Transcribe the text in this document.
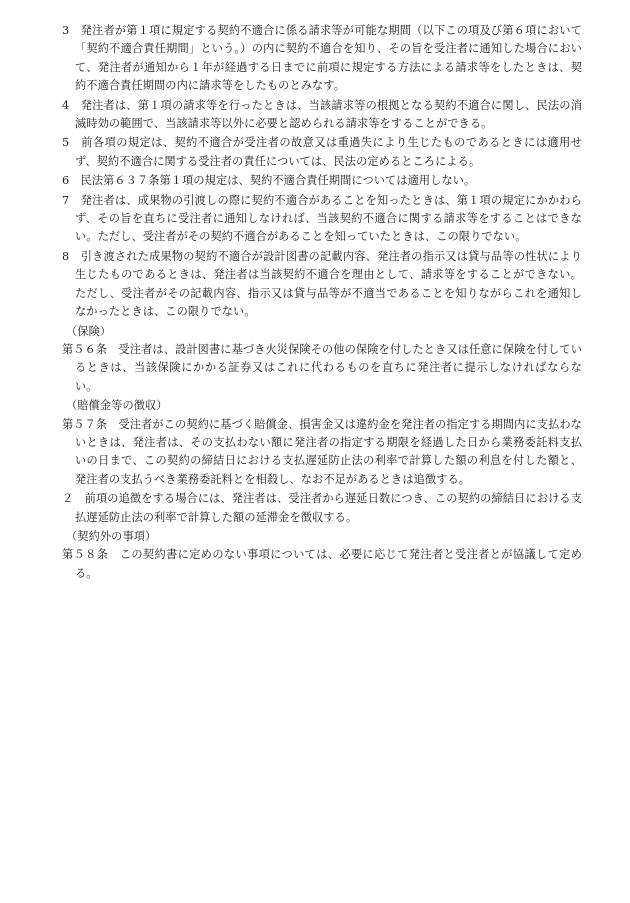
3　発注者が第１項に規定する契約不適合に係る請求等が可能な期間（以下この項及び第６項において「契約不適合責任期間」という。）の内に契約不適合を知り、その旨を受注者に通知した場合において、発注者が通知から１年が経過する日までに前項に規定する方法による請求等をしたときは、契約不適合責任期間の内に請求等をしたものとみなす。

4　発注者は、第１項の請求等を行ったときは、当該請求等の根拠となる契約不適合に関し、民法の消滅時効の範囲で、当該請求等以外に必要と認められる請求等をすることができる。

5　前各項の規定は、契約不適合が受注者の故意又は重過失により生じたものであるときには適用せず、契約不適合に関する受注者の責任については、民法の定めるところによる。

6　民法第６３７条第１項の規定は、契約不適合責任期間については適用しない。

7　発注者は、成果物の引渡しの際に契約不適合があることを知ったときは、第１項の規定にかかわらず、その旨を直ちに受注者に通知しなければ、当該契約不適合に関する請求等をすることはできない。ただし、受注者がその契約不適合があることを知っていたときは、この限りでない。

8　引き渡された成果物の契約不適合が設計図書の記載内容、発注者の指示又は貸与品等の性状により生じたものであるときは、発注者は当該契約不適合を理由として、請求等をすることができない。ただし、受注者がその記載内容、指示又は貸与品等が不適当であることを知りながらこれを通知しなかったときは、この限りでない。

（保険）

第５６条　受注者は、設計図書に基づき火災保険その他の保険を付したとき又は任意に保険を付しているときは、当該保険にかかる証券又はこれに代わるものを直ちに発注者に提示しなければならない。

（賠償金等の徴収）

第５７条　受注者がこの契約に基づく賠償金、損害金又は違約金を発注者の指定する期間内に支払わないときは、発注者は、その支払わない額に発注者の指定する期限を経過した日から業務委託料支払いの日まで、この契約の締結日における支払遅延防止法の利率で計算した額の利息を付した額と、発注者の支払うべき業務委託料とを相殺し、なお不足があるときは追徴する。

２　前項の追徴をする場合には、発注者は、受注者から遅延日数につき、この契約の締結日における支払遅延防止法の利率で計算した額の延滞金を徴収する。

（契約外の事項）

第５８条　この契約書に定めのない事項については、必要に応じて発注者と受注者とが協議して定める。
